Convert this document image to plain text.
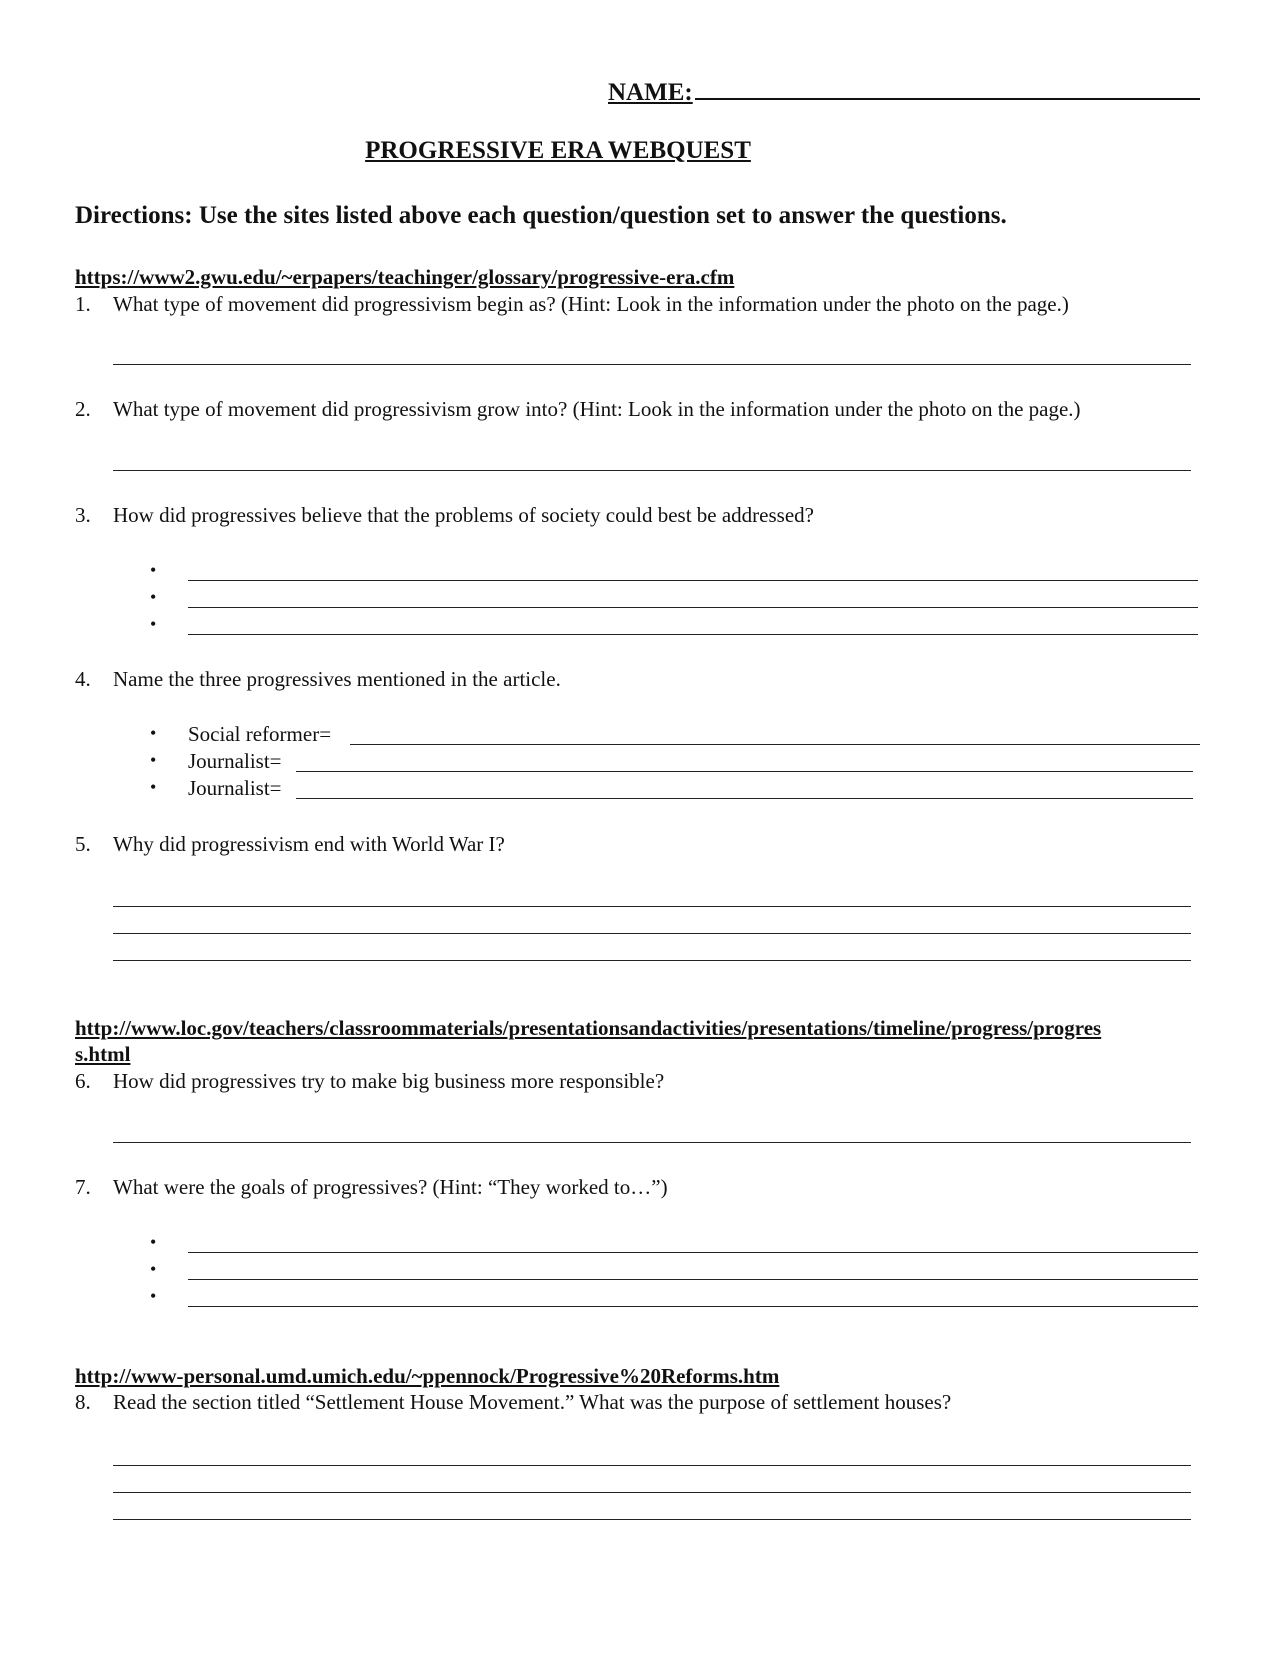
NAME:
PROGRESSIVE ERA WEBQUEST
Directions: Use the sites listed above each question/question set to answer the questions.
https://www2.gwu.edu/~erpapers/teachinger/glossary/progressive-era.cfm
1. What type of movement did progressivism begin as? (Hint: Look in the information under the photo on the page.)
2. What type of movement did progressivism grow into? (Hint: Look in the information under the photo on the page.)
3. How did progressives believe that the problems of society could best be addressed?
•
•
•
4. Name the three progressives mentioned in the article.
• Social reformer=
• Journalist=
• Journalist=
5. Why did progressivism end with World War I?
http://www.loc.gov/teachers/classroommaterials/presentationsandactivities/presentations/timeline/progress/progres
s.html
6. How did progressives try to make big business more responsible?
7. What were the goals of progressives? (Hint: “They worked to…”)
•
•
•
http://www-personal.umd.umich.edu/~ppennock/Progressive%20Reforms.htm
8. Read the section titled “Settlement House Movement.” What was the purpose of settlement houses?
